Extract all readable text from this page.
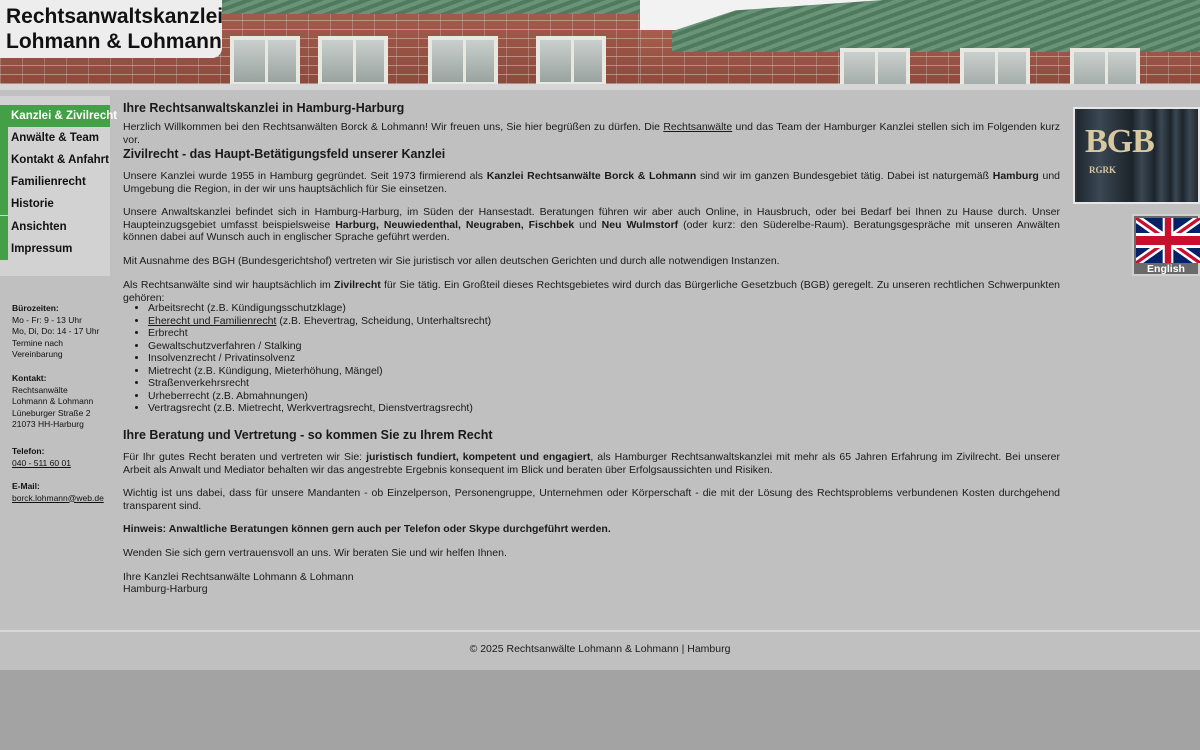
Rechtsanwaltskanzlei
Lohmann & Lohmann
Kanzlei & Zivilrecht
Anwälte & Team
Kontakt & Anfahrt
Familienrecht
Historie
Ansichten
Impressum
Bürozeiten:
Mo - Fr: 9 - 13 Uhr
Mo, Di, Do: 14 - 17 Uhr
Termine nach
Vereinbarung
Kontakt:
Rechtsanwälte
Lohmann & Lohmann
Lüneburger Straße 2
21073 HH-Harburg
Telefon:
040 - 511 60 01
E-Mail:
borck.lohmann@web.de
Ihre Rechtsanwaltskanzlei in Hamburg-Harburg

Herzlich Willkommen bei den Rechtsanwälten Borck & Lohmann! Wir freuen uns, Sie hier begrüßen zu dürfen. Die Rechtsanwälte und das Team der Hamburger Kanzlei stellen sich im Folgenden kurz vor.

Zivilrecht - das Haupt-Betätigungsfeld unserer Kanzlei

Unsere Kanzlei wurde 1955 in Hamburg gegründet. Seit 1973 firmierend als Kanzlei Rechtsanwälte Borck & Lohmann sind wir im ganzen Bundesgebiet tätig. Dabei ist naturgemäß Hamburg und Umgebung die Region, in der wir uns hauptsächlich für Sie einsetzen.

Unsere Anwaltskanzlei befindet sich in Hamburg-Harburg, im Süden der Hansestadt. Beratungen führen wir aber auch Online, in Hausbruch, oder bei Bedarf bei Ihnen zu Hause durch. Unser Haupteinzugsgebiet umfasst beispielsweise Harburg, Neuwiedenthal, Neugraben, Fischbek und Neu Wulmstorf (oder kurz: den Süderelbe-Raum). Beratungsgespräche mit unseren Anwälten können dabei auf Wunsch auch in englischer Sprache geführt werden.

Mit Ausnahme des BGH (Bundesgerichtshof) vertreten wir Sie juristisch vor allen deutschen Gerichten und durch alle notwendigen Instanzen.

Als Rechtsanwälte sind wir hauptsächlich im Zivilrecht für Sie tätig. Ein Großteil dieses Rechtsgebietes wird durch das Bürgerliche Gesetzbuch (BGB) geregelt. Zu unseren rechtlichen Schwerpunkten gehören:

• Arbeitsrecht (z.B. Kündigungsschutzklage)
• Eherecht und Familienrecht (z.B. Ehevertrag, Scheidung, Unterhaltsrecht)
• Erbrecht
• Gewaltschutzverfahren / Stalking
• Insolvenzrecht / Privatinsolvenz
• Mietrecht (z.B. Kündigung, Mieterhöhung, Mängel)
• Straßenverkehrsrecht
• Urheberrecht (z.B. Abmahnungen)
• Vertragsrecht (z.B. Mietrecht, Werkvertragsrecht, Dienstvertragsrecht)
Ihre Beratung und Vertretung - so kommen Sie zu Ihrem Recht

Für Ihr gutes Recht beraten und vertreten wir Sie: juristisch fundiert, kompetent und engagiert, als Hamburger Rechtsanwaltskanzlei mit mehr als 65 Jahren Erfahrung im Zivilrecht. Bei unserer Arbeit als Anwalt und Mediator behalten wir das angestrebte Ergebnis konsequent im Blick und beraten über Erfolgsaussichten und Risiken.

Wichtig ist uns dabei, dass für unsere Mandanten - ob Einzelperson, Personengruppe, Unternehmen oder Körperschaft - die mit der Lösung des Rechtsproblems verbundenen Kosten durchgehend transparent sind.

Hinweis: Anwaltliche Beratungen können gern auch per Telefon oder Skype durchgeführt werden.

Wenden Sie sich gern vertrauensvoll an uns. Wir beraten Sie und wir helfen Ihnen.

Ihre Kanzlei Rechtsanwälte Lohmann & Lohmann

Hamburg-Harburg

BGB
RGRK
English
© 2025 Rechtsanwälte Lohmann & Lohmann | Hamburg
